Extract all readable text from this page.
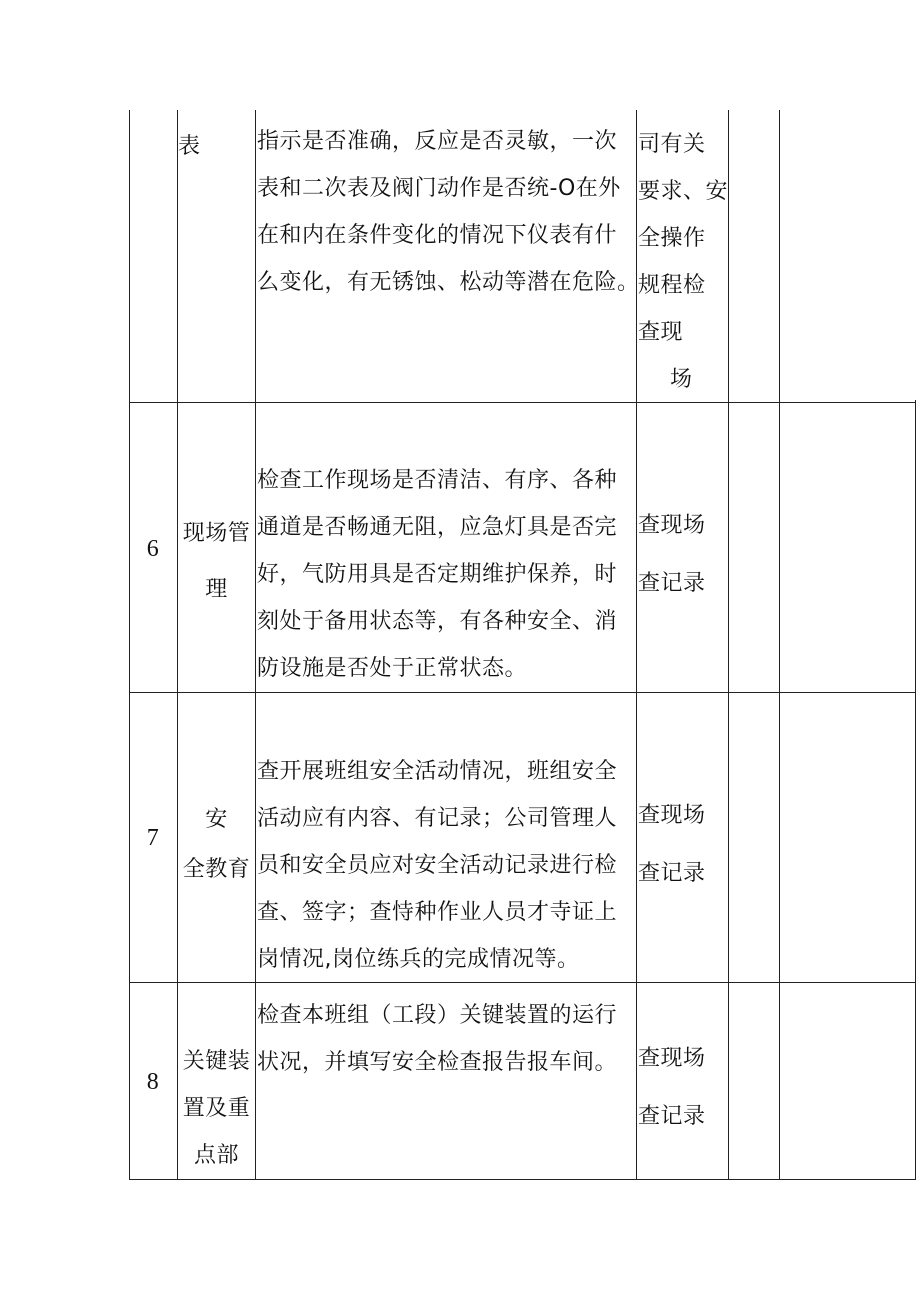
表	指示是否准确，反应是否灵敏，一次
表和二次表及阀门动作是否统-O在外
在和内在条件变化的情况下仪表有什
么变化，有无锈蚀、松动等潜在危险。
司有关
要求、安
全操作
规程检
查现
场
6
现场管
理
检查工作现场是否清洁、有序、各种
通道是否畅通无阻，应急灯具是否完
好，气防用具是否定期维护保养，时
刻处于备用状态等，有各种安全、消
防设施是否处于正常状态。
查现场
查记录
7
安
全教育
查开展班组安全活动情况，班组安全
活动应有内容、有记录；公司管理人
员和安全员应对安全活动记录进行检
查、签字；查恃种作业人员才寺证上
岗情况,岗位练兵的完成情况等。
查现场
查记录
8
关键装
置及重
点部
检查本班组（工段）关键装置的运行
状况，并填写安全检查报告报车间。 查现场
查记录
